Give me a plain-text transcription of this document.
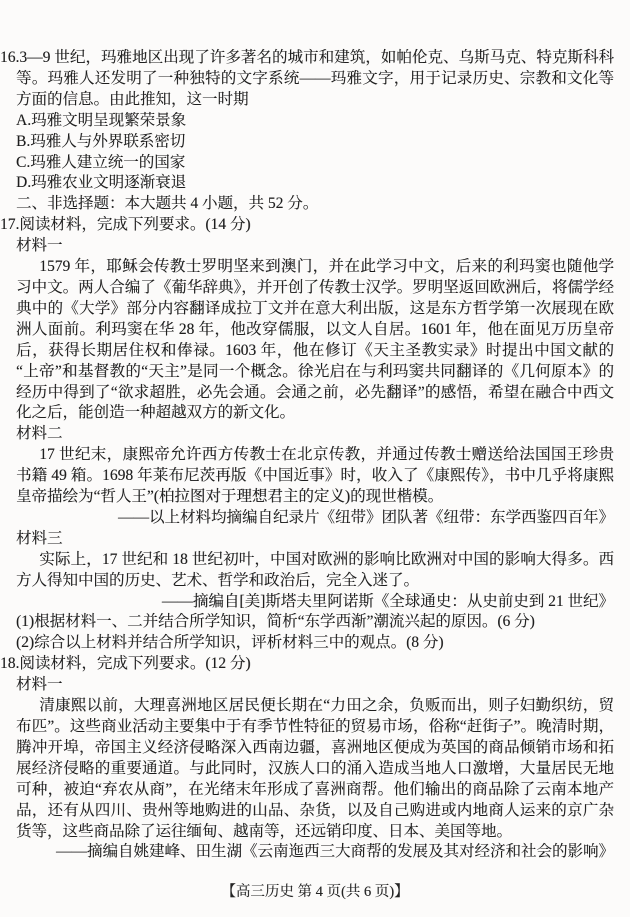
16.3—9 世纪，玛雅地区出现了许多著名的城市和建筑，如帕伦克、乌斯马克、特克斯科科等。玛雅人还发明了一种独特的文字系统——玛雅文字，用于记录历史、宗教和文化等方面的信息。由此推知，这一时期

A.玛雅文明呈现繁荣景象

B.玛雅人与外界联系密切

C.玛雅人建立统一的国家

D.玛雅农业文明逐渐衰退

二、非选择题：本大题共 4 小题，共 52 分。

17.阅读材料，完成下列要求。(14 分)

材料一

1579 年，耶稣会传教士罗明坚来到澳门，并在此学习中文，后来的利玛窦也随他学习中文。两人合编了《葡华辞典》，并开创了传教士汉学。罗明坚返回欧洲后，将儒学经典中的《大学》部分内容翻译成拉丁文并在意大利出版，这是东方哲学第一次展现在欧洲人面前。利玛窦在华 28 年，他改穿儒服，以文人自居。1601 年，他在面见万历皇帝后，获得长期居住权和俸禄。1603 年，他在修订《天主圣教实录》时提出中国文献的“上帝”和基督教的“天主”是同一个概念。徐光启在与利玛窦共同翻译的《几何原本》的经历中得到了“欲求超胜，必先会通。会通之前，必先翻译”的感悟，希望在融合中西文化之后，能创造一种超越双方的新文化。

材料二

17 世纪末，康熙帝允许西方传教士在北京传教，并通过传教士赠送给法国国王珍贵书籍 49 箱。1698 年莱布尼茨再版《中国近事》时，收入了《康熙传》，书中几乎将康熙皇帝描绘为“哲人王”(柏拉图对于理想君主的定义)的现世楷模。

——以上材料均摘编自纪录片《纽带》团队著《纽带：东学西鉴四百年》

材料三

实际上，17 世纪和 18 世纪初叶，中国对欧洲的影响比欧洲对中国的影响大得多。西方人得知中国的历史、艺术、哲学和政治后，完全入迷了。

——摘编自[美]斯塔夫里阿诺斯《全球通史：从史前史到 21 世纪》

(1)根据材料一、二并结合所学知识，简析“东学西渐”潮流兴起的原因。(6 分)

(2)综合以上材料并结合所学知识，评析材料三中的观点。(8 分)

18.阅读材料，完成下列要求。(12 分)

材料一

清康熙以前，大理喜洲地区居民便长期在“力田之余，负贩而出，则子妇勤织纺，贸布匹”。这些商业活动主要集中于有季节性特征的贸易市场，俗称“赶街子”。晚清时期，腾冲开埠，帝国主义经济侵略深入西南边疆，喜洲地区便成为英国的商品倾销市场和拓展经济侵略的重要通道。与此同时，汉族人口的涌入造成当地人口激增，大量居民无地可种，被迫“弃农从商”，在光绪末年形成了喜洲商帮。他们输出的商品除了云南本地产品，还有从四川、贵州等地购进的山品、杂货，以及自己购进或内地商人运来的京广杂货等，这些商品除了运往缅甸、越南等，还远销印度、日本、美国等地。

——摘编自姚建峰、田生湖《云南迤西三大商帮的发展及其对经济和社会的影响》

【高三历史 第 4 页(共 6 页)】
